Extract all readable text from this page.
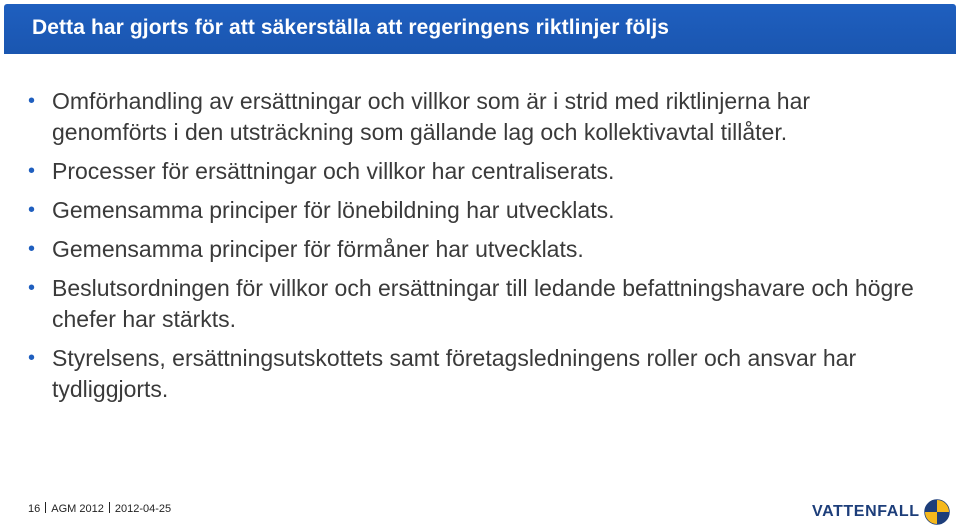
Detta har gjorts för att säkerställa att regeringens riktlinjer följs
• Omförhandling av ersättningar och villkor som är i strid med riktlinjerna har genomförts i den utsträckning som gällande lag och kollektivavtal tillåter.
• Processer för ersättningar och villkor har centraliserats.
• Gemensamma principer för lönebildning har utvecklats.
• Gemensamma principer för förmåner har utvecklats.
• Beslutsordningen för villkor och ersättningar till ledande befattningshavare och högre chefer har stärkts.
• Styrelsens, ersättningsutskottets samt företagsledningens roller och ansvar har tydliggjorts.
16 AGM 2012 2012-04-25	VATTENFALL
